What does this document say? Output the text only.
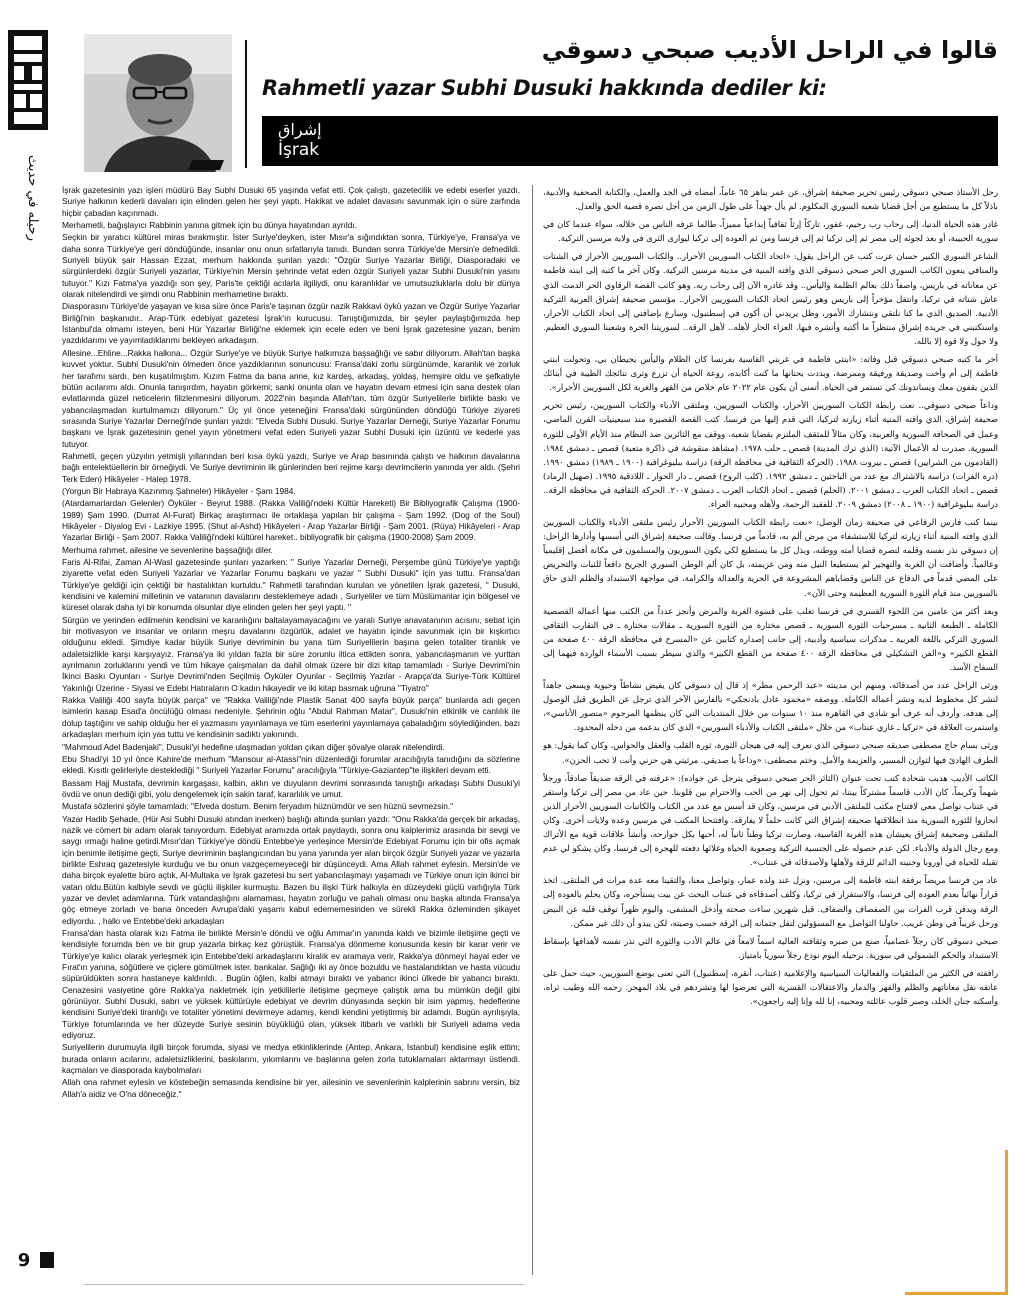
رحيله في حديث
9
قالوا في الراحل الأديب صبحي دسوقي
Rahmetli yazar Subhi Dusuki hakkında dediler ki:
إشراق
İşrak

İşrak gazetesinin yazı işleri müdürü Bay Subhi Dusuki 65 yaşında vefat etti. Çok çalıştı, gazetecilik ve edebi eserler yazdı, Suriye halkının kederli davaları için elinden gelen her şeyi yaptı. Hakikat ve adalet davasını savunmak için o süre zarfında hiçbir çabadan kaçınmadı.

Merhametli, bağışlayıcı Rabbinin yanına gitmek için bu dünya hayatından ayrıldı.

Seçkin bir yaratıcı kültürel miras bırakmıştır. İster Suriye'deyken, ister Mısır'a sığındıktan sonra, Türkiye'ye, Fransa'ya ve daha sonra Türkiye'ye geri döndüğünde, insanlar onu onun sıfatlarıyla tanıdı. Bundan sonra Türkiye'de Mersin'e defnedildi. Suriyeli büyük şair Hassan Ezzat, merhum hakkında şunları yazdı: "Özgür Suriye Yazarlar Birliği, Diasporadaki ve sürgünlerdeki özgür Suriyeli yazarlar, Türkiye'nin Mersin şehrinde vefat eden özgür Suriyeli yazar Subhi Dusuki'nin yasını tutuyor." Kızı Fatma'ya yazdığı son şey, Paris'te çektiği acılarla ilgiliydi, onu karanlıklar ve umutsuzluklarla dolu bir dünya olarak nitelendirdi ve şimdi onu Rabbinin merhametine bıraktı.

Diasporasını Türkiye'de yaşayan ve kısa süre önce Paris'e taşınan özgür nazik Rakkavi öykü yazarı ve Özgür Suriye Yazarlar Birliği'nin başkanıdır.. Arap-Türk edebiyat gazetesi İşrak'ın kurucusu. Tanıştığımızda, bir şeyler paylaştığımızda hep İstanbul'da olmamı isteyen, beni Hür Yazarlar Birliği'ne eklemek için ecele eden ve beni İşrak gazetesine yazan, benim yazdıklarımı ve yayımladıklarımı bekleyen arkadaşım.

Allesine...Ehline...Rakka halkına... Özgür Suriye'ye ve büyük Suriye halkımıza başsağlığı ve sabır diliyorum. Allah'tan başka kuvvet yoktur. Subhi Dusuki'nin ölmeden önce yazdıklarının sonuncusu: Fransa'daki zorlu sürgünümde, karanlık ve zorluk her tarafımı sardı, ben kuşatılmıştım. Kızım Fatma da bana anne, kız kardeş, arkadaş, yoldaş, hemşire oldu ve şefkatiyle bütün acılarımı aldı. Onunla tanışırdım, hayatın görkemi; sanki onunla olan ve hayatın devam etmesi için sana destek olan evlatlarında güzel neticelerin filizlenmesini diliyorum. 2022'nin başında Allah'tan, tüm özgür Suriyelilerle birlikte baskı ve yabancılaşmadan kurtulmamızı diliyorum." Üç yıl önce yeteneğini Fransa'daki sürgününden döndüğü Türkiye ziyareti sırasında Suriye Yazarlar Derneği'nde şunları yazdı: "Elveda Subhi Dusuki. Suriye Yazarlar Derneği, Suriye Yazarlar Forumu başkanı ve İşrak gazetesinin genel yayın yönetmeni vefat eden Suriyeli yazar Subhi Dusuki için üzüntü ve kederle yas tutuyor.

Rahmetli, geçen yüzyılın yetmişli yıllarından beri kısa öykü yazdı, Suriye ve Arap basınında çalıştı ve halkının davalarına bağlı entelektüellerin bir örneğiydi. Ve Suriye devriminin ilk günlerinden beri rejime karşı devrimcilerin yanında yer aldı. (Şehri Terk Eden) Hikâyeler - Halep 1978.

(Yorgun Bir Habraya Kazınmış Şahneler) Hikâyeler - Şam 1984.

(Atardamarlardan Gelenler) Öyküler - Beyrut 1988. (Rakka Valiliği'ndeki Kültür Hareketi) Bir Bibliyografik Çalışma (1900-1989) Şam 1990. (Durrat Al-Furat) Birkaç araştırmacı ile ortaklaşa yapılan bir çalışma - Şam 1992. (Dog of the Soul) Hikâyeler - Diyalog Evi - Lazkiye 1995. (Shut al-Ashd) Hikâyeleri - Arap Yazarlar Birliği - Şam 2001. (Rüya) Hikâyeleri - Arap Yazarlar Birliği - Şam 2007. Rakka Valiliği'ndeki kültürel hareket.. bibliyografik bir çalışma (1900-2008) Şam 2009.

Merhuma rahmet, ailesine ve sevenlerine başsağlığı diler.

Faris Al-Rifai, Zaman Al-Wasl gazetesinde şunları yazarken: " Suriye Yazarlar Derneği, Perşembe günü Türkiye'ye yaptığı ziyarette vefat eden Suriyeli Yazarlar ve Yazarlar Forumu başkanı ve yazar " Subhi Dusuki" için yas tuttu. Fransa'dan Türkiye'ye geldiği için çektiği bir hastalıktan kurtuldu." Rahmetli tarafından kurulan ve yönetilen İşrak gazetesi, " Dusuki, kendisini ve kalemini milletinin ve vatanının davalarını desteklemeye adadı , Suriyeliler ve tüm Müslümanlar için bölgesel ve küresel olarak daha iyi bir konumda olsunlar diye elinden gelen her şeyi yaptı. "

Sürgün ve yerinden edilmenin kendisini ve karanlığını baltalayamayacağını ve yaralı Suriye anavatanının acısını, sebat için bir motivasyon ve insanlar ve onların meşru davalarını özgürlük, adalet ve hayatın içinde savunmak için bir kışkırtıcı olduğunu ekledi. Şimdiye kadar büyük Suriye devriminin bu yana tüm Suriyelilerin başına gelen totaliter tiranlık ve adaletsizlikle karşı karşıyayız. Fransa'ya iki yıldan fazla bir süre zorunlu iltica ettikten sonra, yabancılaşmanın ve yurttan ayrılmanın zorluklarını yendi ve tüm hikaye çalışmaları da dahil olmak üzere bir dizi kitap tamamladı - Suriye Devrimi'nin İkinci Baskı Oyunları - Suriye Devrimi'nden Seçilmiş Öyküler Oyunlar - Seçilmiş Yazılar - Arapça'da Suriye-Türk Kültürel Yakınlığı Üzerine - Siyasi ve Edebi Hatıraların O kadın hikayedir ve iki kitap basmak uğruna "Tiyatro"

Rakka Valiliği 400 sayfa büyük parça" ve "Rakka Valiliği'nde Plastik Sanat 400 sayfa büyük parça" bunlarda adı geçen isimlerin kasap Esad'a öncülüğü olması nedeniyle. Şehrinin oğlu "Abdul Rahman Matar", Dusuki'nin etkinlik ve canlılık ile dolup taştığını ve sahip olduğu her el yazmasını yayınlamaya ve tüm eserlerini yayınlamaya çabaladığını söylediğinden, bazı arkadaşları merhum için yas tuttu ve kendisinin sadıktı yakınındı.

"Mahmoud Adel Badenjaki", Dusuki'yi hedefine ulaşmadan yoldan çıkan diğer şövalye olarak nitelendirdi.

Ebu Shadi'yi 10 yıl önce Kahire'de merhum "Mansour al-Atassi"nin düzenlediği forumlar aracılığıyla tanıdığını da sözlerine ekledi. Kısıtlı gelirleriyle desteklediği " Suriyeli Yazarlar Forumu" aracılığıyla "Türkiye-Gaziantep"te ilişkileri devam etti.

Bassam Hajj Mustafa, devrimin kargaşası, kalbin, aklın ve duyuların devrimi sonrasında tanıştığı arkadaşı Subhi Dusuki'yi övdü ve onun dediği gibi, yolu dengelemek için sakin taraf, kararlılık ve umut.

Mustafa sözlerini şöyle tamamladı: "Elveda dostum. Benim feryadım hüznümdür ve sen hüznü sevmezsin."

Yazar Hadib Şehade, (Hür Asi Subhi Dusuki atından inerken) başlığı altında şunları yazdı: "Onu Rakka'da gerçek bir arkadaş, nazik ve cömert bir adam olarak tanıyordum. Edebiyat aramızda ortak paydaydı, sonra onu kalplerimiz arasında bir sevgi ve saygı ırmağı haline getirdi.Mısır'dan Türkiye'ye döndü Entebbe'ye yerleşince Mersin'de Edebiyat Forumu için bir ofis açmak için benimle iletişime geçti, Suriye devriminin başlangıcından bu yana yanında yer alan birçok özgür Suriyeli yazar ve yazarla birlikte Eshraq gazetesiyle kurduğu ve bu onun vazgeçemeyeceği bir düşünceydi. Ama Allah rahmet eylesin. Mersin'de ve daha birçok eyalette büro açtık, Al-Multaka ve İşrak gazetesi bu sert yabancılaşmayı yaşamadı ve Türkiye onun için ikinci bir vatan oldu.Bütün kalbiyle sevdi ve güçlü ilişkiler kurmuştu. Bazen bu ilişki Türk halkıyla en düzeydeki güçlü varlığıyla Türk yazar ve devlet adamlarına. Türk vatandaşlığını alamaması, hayatın zorluğu ve pahalı olması onu başka altında Fransa'ya göç etmeye zorladı ve bana önceden Avrupa'daki yaşamı kabul edememesinden ve sürekli Rakka özleminden şikayet ediyordu. , halkı ve Entebbe'deki arkadaşları

Fransa'dan hasta olarak kızı Fatma ile birlikte Mersin'e döndü ve oğlu Ammar'ın yanında kaldı ve bizimle iletişime geçti ve kendisiyle forumda ben ve bir grup yazarla birkaç kez görüştük. Fransa'ya dönmeme konusunda kesin bir karar verir ve Türkiye'ye kalıcı olarak yerleşmek için Entebbe'deki arkadaşlarını kiralık ev aramaya verir, Rakka'ya dönmeyi hayal eder ve Fırat'ın yanına, söğütlere ve çiçlere gömülmek ister. bankalar. Sağlığı iki ay önce bozuldu ve hastalandıktan ve hasta vücudu süpürüldükten sonra hastaneye kaldırıldı. . Bugün öğlen, kalbi atmayı bıraktı ve yabancı ikinci ülkede bir yabancı bıraktı. Cenazesini vasiyetine göre Rakka'ya nakletmek için yetkililerle iletişime geçmeye çalıştık ama bu mümkün değil gibi görünüyor. Subhi Dusuki, sabrı ve yüksek kültürüyle edebiyat ve devrim dünyasında seçkin bir isim yapmış, hedeflerine kendisini Suriye'deki tiranlığı ve totaliter yönetimi devirmeye adamış, kendi kendini yetiştirmiş bir adamdı. Bugün ayrılışıyla, Türkiye forumlarında ve her düzeyde Suriye sesinin büyüklüğü olan, yüksek itibarlı ve varlıklı bir Suriyeli adama veda ediyoruz.

Suriyelilerin durumuyla ilgili birçok forumda, siyasi ve medya etkinliklerinde (Antep, Ankara, İstanbul) kendisine eşlik ettim; burada onların acılarını, adaletsizliklerini, baskılarını, yıkımlarını ve başlarına gelen zorla tutuklamaları aktarmayı üstlendi. kaçmaları ve diasporada kaybolmaları

Allah ona rahmet eylesin ve köstebeğin semasında kendisine bir yer, ailesinin ve sevenlerinin kalplerinin sabrını versin, biz Allah'a aidiz ve O'na döneceğiz."

رحل الأستاذ صبحي دسوقي رئيس تحرير صحيفة إشراق، عن عمر يناهز ٦٥ عاماً، أمضاه في الجد والعمل، والكتابة الصحفية والأدبية، باذلاً كل ما يستطيع من أجل قضايا شعبه السوري المكلوم. لم يأل جهداً على طول الزمن من أجل نصرة قضية الحق والعدل.

غادر هذه الحياة الدنيا، إلى رحاب رب رحيم، غفور، تاركاً إرثاً ثقافياً إبداعياً مميزاً، طالما عرفه الناس من خلاله، سواء عندما كان في سورية الحبيبة، أو بعد لجوئه إلى مصر ثم إلى تركيا ثم إلى فرنسا ومن ثم العودة إلى تركيا ليوارى الثرى في ولاية مرسين التركية.

الشاعر السوري الكبير حسان عزت كتب عن الراحل يقول: «اتحاد الكتاب السوريين الأحرار.. والكتاب السوريين الأحرار في الشتات والمنافي ينعون الكاتب السوري الحر صبحي دسوقي الذي وافته المنية في مدينة مرسين التركية. وكان آخر ما كتبه إلى ابنته فاطمة عن معاناته في باريس، واصفاً ذلك بعالم الظلمة واليأس.. وقد غادره الآن إلى رحاب ربه. وهو كاتب القصة الرقاوي الحر الدمث الذي عاش شتاته في تركيا، وانتقل مؤخراً إلى باريس وهو رئيس اتحاد الكتاب السوريين الأحرار.. مؤسس صحيفة إشراق العربية التركية الأدبية. الصديق الذي ما كنا نلتقي ونتشارك الأمور، وظل يريدني أن أكون في إسطنبول، وسارع بإضافتي إلى اتحاد الكتاب الأحرار، واستكتبني في جريدة إشراق منتظراً ما أكتبه وأنشره فيها. العزاء الحار لأهله.. لأهل الرقة.. لسوريتنا الحرة وشعبنا السوري العظيم. ولا حول ولا قوة إلا بالله.

آخر ما كتبه صبحي دسوقي قبل وفاته: «ابنتي فاطمة في غربتي القاسية بفرنسا كان الظلام واليأس يحيطان بي، وتحولت ابنتي فاطمة إلى أم وأخت وصديقة ورفيقة وممرضة، وبددت بحنانها ما كنت أكابده، روعة الحياة أن تزرع وترى نتائجك الطيبة في أبنائك الذين يقفون معك ويساندونك كي تستمر في الحياة. أتمنى أن يكون عام ٢٠٢٢ عام خلاص من القهر والغربة لكل السوريين الأحرار».

وداعاً صبحي دسوقي.. نعت رابطة الكتاب السوريين الأحرار، والكتاب السوريين، وملتقى الأدباء والكتاب السوريين، رئيس تحرير صحيفة إشراق، الذي وافته المنية أثناء زيارته لتركيا، التي قدم إليها من فرنسا. كتب القصة القصيرة منذ سبعينيات القرن الماضي، وعمل في الصحافة السورية والعربية، وكان مثالاً للمثقف الملتزم بقضايا شعبه، ووقف مع الثائرين ضد النظام منذ الأيام الأولى للثورة السورية. صدرت له الأعمال الآتية: (الذي ترك المدينة) قصص ـ حلب ١٩٧٨. (مشاهد منقوشة في ذاكرة متعبة) قصص ـ دمشق ١٩٨٤. (القادمون من الشرايين) قصص ـ بيروت ١٩٨٨. (الحركة الثقافية في محافظة الرقة) دراسة ببليوغرافية (١٩٠٠ ـ ١٩٨٩) دمشق ١٩٩٠. (درة الفرات) دراسة بالاشتراك مع عدد من الباحثين ـ دمشق ١٩٩٢. (كلب الروح) قصص ـ دار الحوار ـ اللاذقية ١٩٩٥. (صهيل الرماد) قصص ـ اتحاد الكتاب العرب ـ دمشق ٢٠٠١. (الحلم) قصص ـ اتحاد الكتاب العرب ـ دمشق ٢٠٠٧. الحركة الثقافية في محافظة الرقة.. دراسة ببليوغرافية (١٩٠٠ ـ ٢٠٠٨) دمشق ٢٠٠٩. للفقيد الرحمة، ولأهله ومحبيه العزاء.

بينما كتب فارس الرفاعي في صحيفة زمان الوصل: «نعت رابطة الكتاب السوريين الأحرار رئيس ملتقى الأدباء والكتاب السوريين الذي وافته المنية أثناء زيارته لتركيا للاستشفاء من مرض ألم به، قادماً من فرنسا. وقالت صحيفة إشراق التي أسسها وأدارها الراحل: إن دسوقي نذر نفسه وقلمه لنصرة قضايا أمته ووطنه، وبذل كل ما يستطيع لكي يكون السوريون والمسلمون في مكانة أفضل إقليمياً وعالمياً. وأضافت أن الغربة والتهجير لم يستطيعا النيل منه ومن عزيمته، بل كان ألم الوطن السوري الجريح دافعاً للثبات والتحريض على المضي قدماً في الدفاع عن الناس وقضاياهم المشروعة في الحرية والعدالة والكرامة، في مواجهة الاستبداد والظلم الذي حاق بالسوريين منذ قيام الثورة السورية العظيمة وحتى الآن».

وبعد أكثر من عامين من اللجوء القسري في فرنسا تغلب على قسوة الغربة والمرض وأنجز عدداً من الكتب منها أعماله القصصية الكاملة ـ الطبعة الثانية ـ مسرحيات الثورة السورية ـ قصص مختارة من الثورة السورية ـ مقالات مختارة ـ في التقارب الثقافي السوري التركي باللغة العربية ـ مذكرات سياسية وأدبية، إلى جانب إصداره كتابين عن «المسرح في محافظة الرقة ٤٠٠ صفحة من القطع الكبير» و«الفن التشكيلي في محافظة الرقة ٤٠٠ صفحة من القطع الكبير» والذي سيطر بسبب الأسماء الواردة فيهما إلى السفاح الأسد.

ورثى الراحل عدد من أصدقائه، ومنهم ابن مدينته «عبد الرحمن مطر» إذ قال إن دسوقي كان يفيض نشاطاً وحيوية ويسعى جاهداً لنشر كل مخطوط لديه ونشر أعماله الكاملة. ووصفه «محمود عادل بادنجكي» بالفارس الآخر الذي ترجل عن الطريق قبل الوصول إلى هدفه. وأردف أنه عرف أبو شادي في القاهرة منذ ١٠ سنوات من خلال المنتديات التي كان ينظمها المرحوم «منصور الأتاسي»، واستمرت العلاقة في «تركيا ـ غازي عنتاب» من خلال «ملتقى الكتاب والأدباء السوريين» الذي كان يدعمه من دخله المحدود.

ورثى بسام حاج مصطفى صديقه صبحي دسوقي الذي تعرف إليه في هيجان الثورة، ثورة القلب والعقل والحواس، وكان كما يقول: هو الطرف الهادئ فيها لتوازن المسير، والعزيمة والأمل. وختم مصطفى: «وداعاً يا صديقي. مرثيتي هي حزني وأنت لا تحب الحزن».

الكاتب الأديب هديب شحادة كتب تحت عنوان (الثائر الحر صبحي دسوقي يترجل عن جواده): «عرفته في الرقة صديقاً صادقاً، ورجلاً شهماً وكريماً، كان الأدب قاسماً مشتركاً بيننا، ثم تحول إلى نهر من الحب والاحترام بين قلوبنا. حين عاد من مصر إلى تركيا واستقر في عنتاب تواصل معي لافتتاح مكتب للملتقى الأدبي في مرسين، وكان قد أسس مع عدد من الكتاب والكاتبات السوريين الأحرار الذين انحازوا للثورة السورية منذ انطلاقتها صحيفة إشراق التي كانت حلماً لا يفارقه. وافتتحنا المكتب في مرسين وعدة ولايات أخرى. وكان الملتقى وصحيفة إشراق يعيشان هذه الغربة القاسية، وصارت تركيا وطناً ثانياً له، أحبها بكل جوارحه، وأنشأ علاقات قوية مع الأتراك ومع رجال الدولة والأدباء. لكن عدم حصوله على الجنسية التركية وصعوبة الحياة وغلائها دفعته للهجرة إلى فرنسا، وكان يشكو لي عدم تقبله للحياة في أوروبا وحنينه الدائم للرقة ولأهلها ولأصدقائه في عنتاب».

عاد من فرنسا مريضاً برفقة ابنته فاطمة إلى مرسين، ونزل عند ولده عمار، وتواصل معنا، والتقينا معه عدة مرات في الملتقى. اتخذ قراراً نهائياً بعدم العودة إلى فرنسا، والاستقرار في تركيا، وكلف أصدقاءه في عنتاب البحث عن بيت يستأجره، وكان يحلم بالعودة إلى الرقة ويدفن قرب الفرات بين الصفصاف والضفاف. قبل شهرين ساءت صحته وأدخل المشفى، واليوم ظهراً توقف قلبه عن النبض ورحل غريباً في وطن غريب. حاولنا التواصل مع المسؤولين لنقل جثمانه إلى الرقة حسب وصيته، لكن يبدو أن ذلك غير ممكن.

صبحي دسوقي كان رجلاً عصامياً، صنع من صبره وثقافته العالية اسماً لامعاً في عالم الأدب والثورة التي نذر نفسه لأهدافها بإسقاط الاستبداد والحكم الشمولي في سورية. برحيله اليوم نودع رجلاً سورياً بامتياز.

رافقته في الكثير من الملتقيات والفعاليات السياسية والإعلامية (عنتاب، أنقرة، إسطنبول) التي تعنى بوضع السوريين، حيث حمل على عاتقه نقل معاناتهم والظلم والقهر والدمار والاعتقالات القسرية التي تعرضوا لها وتشردهم في بلاد المهجر. رحمه الله وطيب ثراه، وأسكنه جنان الخلد، وصبر قلوب عائلته ومحبيه، إنا لله وإنا إليه راجعون».
